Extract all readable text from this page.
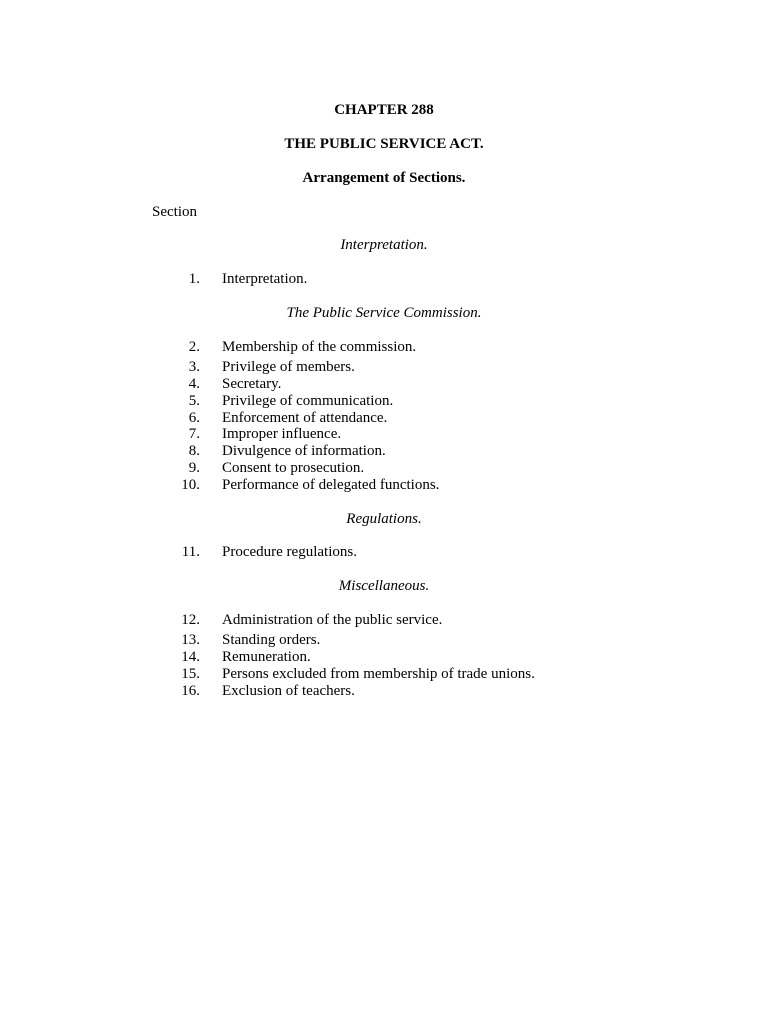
CHAPTER 288
THE PUBLIC SERVICE ACT.
Arrangement of Sections.
Section
Interpretation.
1. Interpretation.
The Public Service Commission.
2. Membership of the commission.
3. Privilege of members.
4. Secretary.
5. Privilege of communication.
6. Enforcement of attendance.
7. Improper influence.
8. Divulgence of information.
9. Consent to prosecution.
10. Performance of delegated functions.
Regulations.
11. Procedure regulations.
Miscellaneous.
12. Administration of the public service.
13. Standing orders.
14. Remuneration.
15. Persons excluded from membership of trade unions.
16. Exclusion of teachers.
